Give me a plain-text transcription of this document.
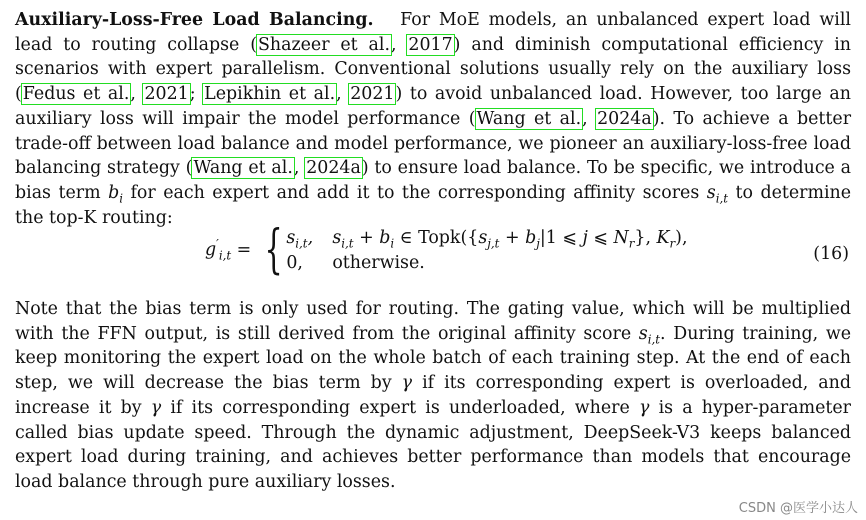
Auxiliary-Loss-Free Load Balancing. For MoE models, an unbalanced expert load will lead to routing collapse (Shazeer et al., 2017) and diminish computational efficiency in scenarios with expert parallelism. Conventional solutions usually rely on the auxiliary loss (Fedus et al., 2021; Lepikhin et al., 2021) to avoid unbalanced load. However, too large an auxiliary loss will impair the model performance (Wang et al., 2024a). To achieve a better trade-off between load balance and model performance, we pioneer an auxiliary-loss-free load balancing strategy (Wang et al., 2024a) to ensure load balance. To be specific, we introduce a bias term $b_i$ for each expert and add it to the corresponding affinity scores $s_{i,t}$ to determine the top-K routing:

$g'_{i,t}$ = { $s_{i,t}$,	$s_{i,t} + b_i$ ∈ $Topk(\{s_{j,t} + b_j|1$ ⩽ j ⩽ $N_r$}, $K_r$),
0,	otherwise.	(16)

Note that the bias term is only used for routing. The gating value, which will be multiplied with the FFN output, is still derived from the original affinity score $s_{i,t}$. During training, we keep monitoring the expert load on the whole batch of each training step. At the end of each step, we will decrease the bias term by γ if its corresponding expert is overloaded, and increase it by γ if its corresponding expert is underloaded, where γ is a hyper-parameter called bias update speed. Through the dynamic adjustment, DeepSeek-V3 keeps balanced expert load during training, and achieves better performance than models that encourage load balance through pure auxiliary losses.

CSDN @医学小达人
